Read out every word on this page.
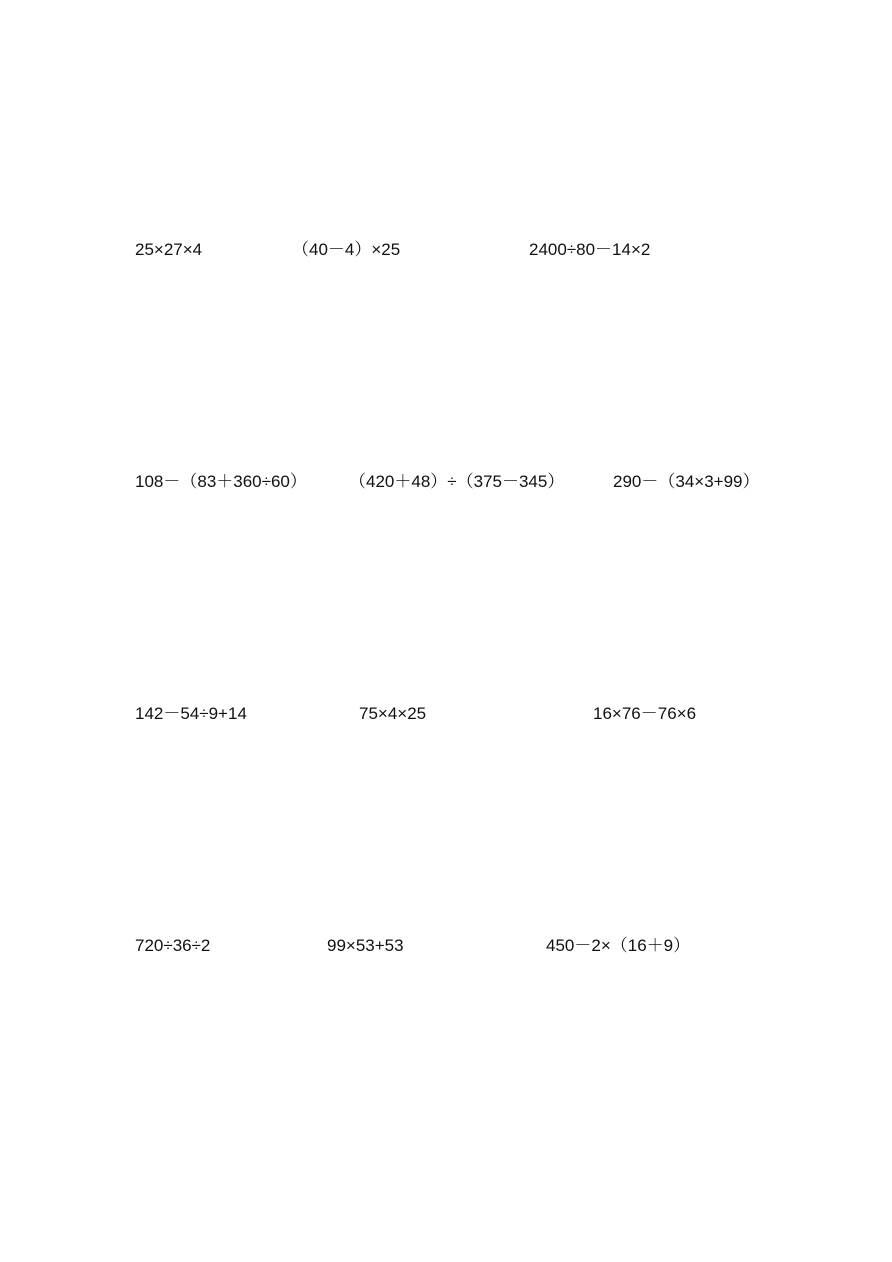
25×27×4	（40－4）×25	2400÷80－14×2
108－（83＋360÷60） （420＋48）÷（375－345）	290－（34×3+99）
142－54÷9+14	75×4×25	16×76－76×6
720÷36÷2	99×53+53	450－2×（16＋9）
